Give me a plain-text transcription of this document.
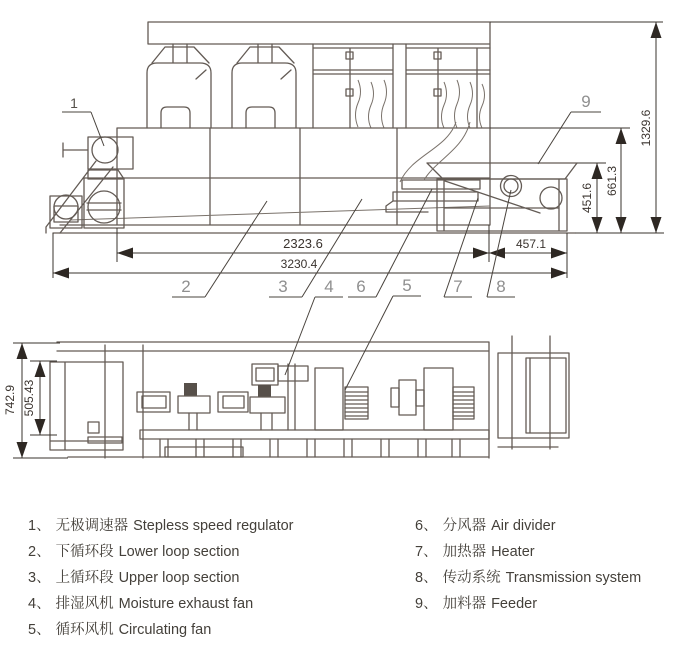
2323.6
3230.4
457.1
451.6
661.3
1329.6
742.9 505.43
1
2	3 4 6 5 7 8
9
1、 无极调速器 Stepless speed regulator
2、 下循环段 Lower loop section
3、 上循环段 Upper loop section
4、 排湿风机 Moisture exhaust fan
5、 循环风机 Circulating fan
6、 分风器 Air divider
7、 加热器 Heater
8、 传动系统 Transmission system
9、 加料器 Feeder
